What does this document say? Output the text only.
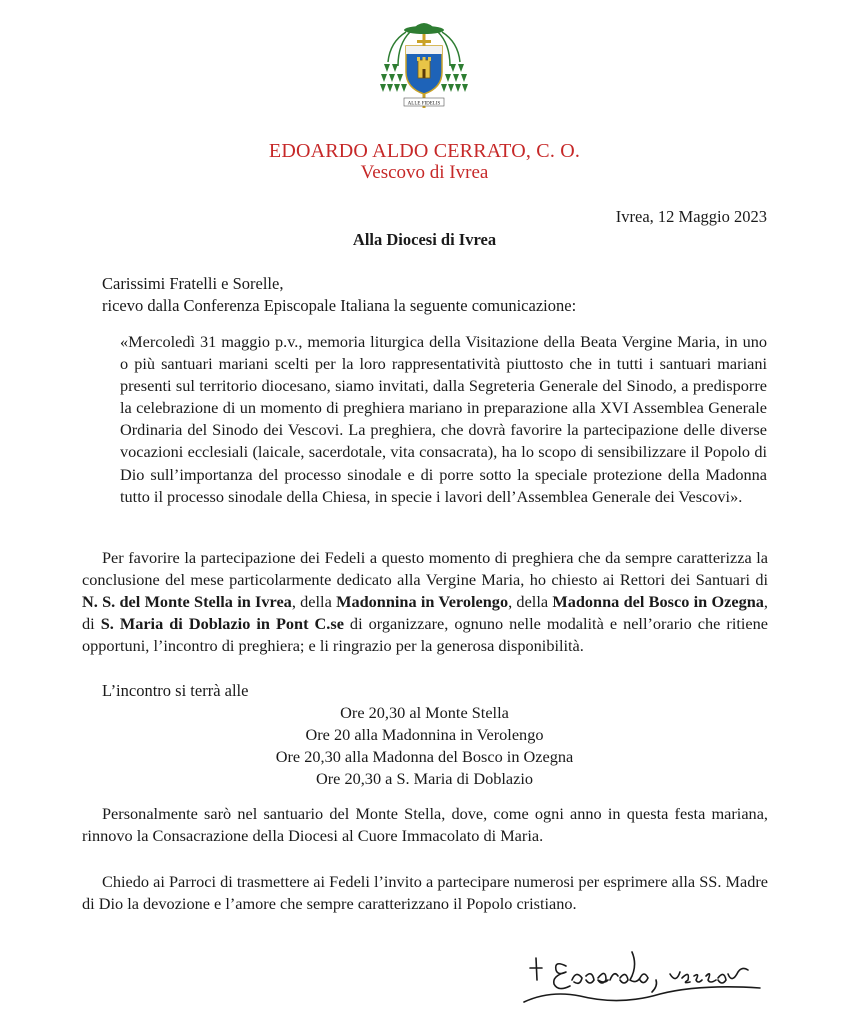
ALLE FIDELIS
EDOARDO ALDO CERRATO, C. O.
Vescovo di Ivrea
Ivrea, 12 Maggio 2023
Alla Diocesi di Ivrea
Carissimi Fratelli e Sorelle,
ricevo dalla Conferenza Episcopale Italiana la seguente comunicazione:

«Mercoledì 31 maggio p.v., memoria liturgica della Visitazione della Beata Vergine Maria, in uno o più santuari mariani scelti per la loro rappresentatività piuttosto che in tutti i santuari mariani presenti sul territorio diocesano, siamo invitati, dalla Segreteria Generale del Sinodo, a predisporre la celebrazione di un momento di preghiera mariano in preparazione alla XVI Assemblea Generale Ordinaria del Sinodo dei Vescovi. La preghiera, che dovrà favorire la partecipazione delle diverse vocazioni ecclesiali (laicale, sacerdotale, vita consacrata), ha lo scopo di sensibilizzare il Popolo di Dio sull’importanza del processo sinodale e di porre sotto la speciale protezione della Madonna tutto il processo sinodale della Chiesa, in specie i lavori dell’Assemblea Generale dei Vescovi».

Per favorire la partecipazione dei Fedeli a questo momento di preghiera che da sempre caratterizza la conclusione del mese particolarmente dedicato alla Vergine Maria, ho chiesto ai Rettori dei Santuari di N. S. del Monte Stella in Ivrea, della Madonnina in Verolengo, della Madonna del Bosco in Ozegna, di S. Maria di Doblazio in Pont C.se di organizzare, ognuno nelle modalità e nell’orario che ritiene opportuni, l’incontro di preghiera; e li ringrazio per la generosa disponibilità.

L’incontro si terrà alle
Ore 20,30 al Monte Stella
Ore 20 alla Madonnina in Verolengo
Ore 20,30 alla Madonna del Bosco in Ozegna
Ore 20,30 a S. Maria di Doblazio

Personalmente sarò nel santuario del Monte Stella, dove, come ogni anno in questa festa mariana, rinnovo la Consacrazione della Diocesi al Cuore Immacolato di Maria.

Chiedo ai Parroci di trasmettere ai Fedeli l’invito a partecipare numerosi per esprimere alla SS. Madre di Dio la devozione e l’amore che sempre caratterizzano il Popolo cristiano.
